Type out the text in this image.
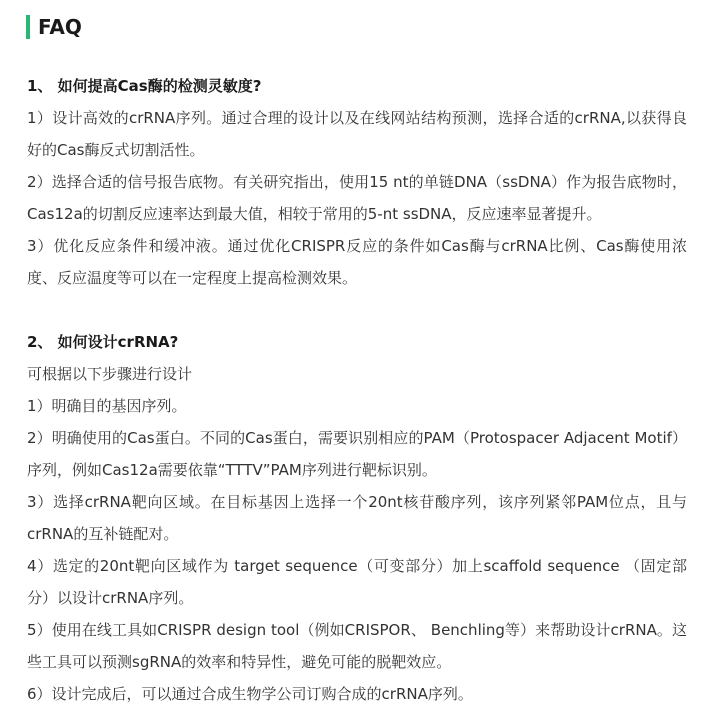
FAQ
1、 如何提高Cas酶的检测灵敏度?

1）设计高效的crRNA序列。通过合理的设计以及在线网站结构预测，选择合适的crRNA,以获得良好的Cas酶反式切割活性。

2）选择合适的信号报告底物。有关研究指出，使用15 nt的单链DNA（ssDNA）作为报告底物时，Cas12a的切割反应速率达到最大值，相较于常用的5-nt ssDNA，反应速率显著提升。

3）优化反应条件和缓冲液。通过优化CRISPR反应的条件如Cas酶与crRNA比例、Cas酶使用浓度、反应温度等可以在一定程度上提高检测效果。

2、 如何设计crRNA?

可根据以下步骤进行设计

1）明确目的基因序列。

2）明确使用的Cas蛋白。不同的Cas蛋白，需要识别相应的PAM（Protospacer Adjacent Motif）序列，例如Cas12a需要依靠“TTTV”PAM序列进行靶标识别。

3）选择crRNA靶向区域。在目标基因上选择一个20nt核苷酸序列，该序列紧邻PAM位点，且与crRNA的互补链配对。

4）选定的20nt靶向区域作为 target sequence（可变部分）加上scaffold sequence （固定部分）以设计crRNA序列。

5）使用在线工具如CRISPR design tool（例如CRISPOR、 Benchling等）来帮助设计crRNA。这些工具可以预测sgRNA的效率和特异性，避免可能的脱靶效应。

6）设计完成后，可以通过合成生物学公司订购合成的crRNA序列。
